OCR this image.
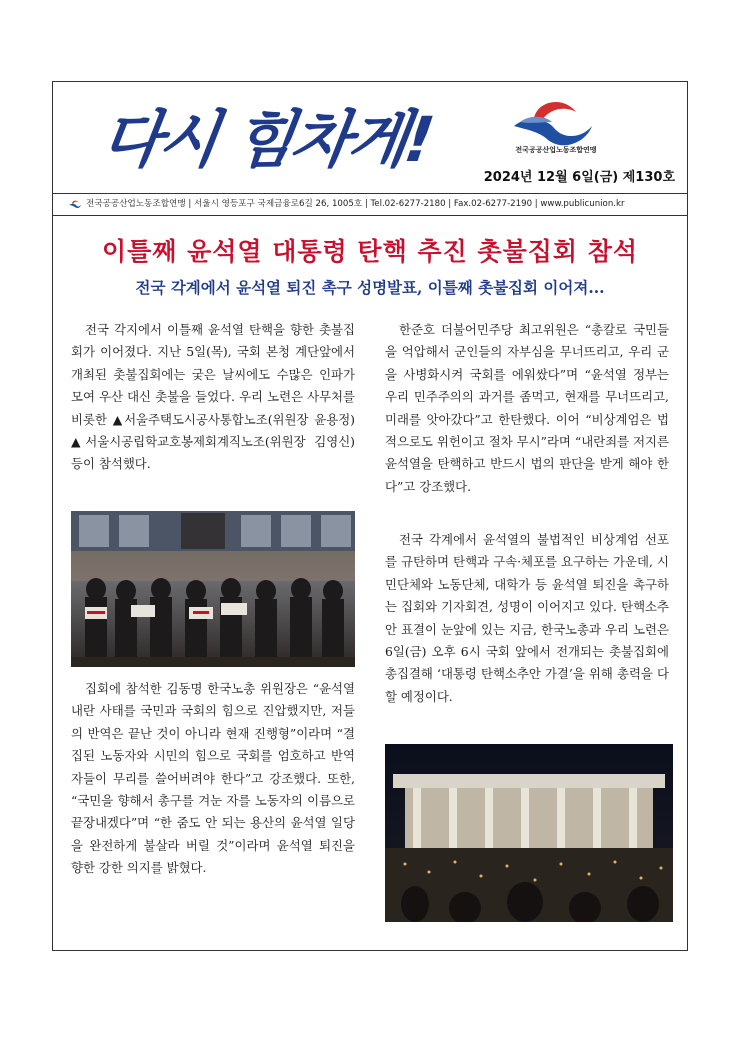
다시 힘차게!	전국공공산업노동조합연맹
2024년 12월 6일(금) 제130호
전국공공산업노동조합연맹 | 서울시 영등포구 국제금융로6길 26, 1005호 | Tel.02-6277-2180 | Fax.02-6277-2190 | www.publicunion.kr
이틀째 윤석열 대통령 탄핵 추진 촛불집회 참석
전국 각계에서 윤석열 퇴진 촉구 성명발표, 이틀째 촛불집회 이어져...

전국 각지에서 이틀째 윤석열 탄핵을 향한 촛불집회가 이어졌다. 지난 5일(목), 국회 본청 계단앞에서 개최된 촛불집회에는 궂은 날씨에도 수많은 인파가 모여 우산 대신 촛불을 들었다. 우리 노련은 사무처를 비롯한 ▲서울주택도시공사통합노조(위원장 윤용정) ▲서울시공립학교호봉제회계직노조(위원장 김영신) 등이 참석했다.

집회에 참석한 김동명 한국노총 위원장은 “윤석열 내란 사태를 국민과 국회의 힘으로 진압했지만, 저들의 반역은 끝난 것이 아니라 현재 진행형”이라며 “결집된 노동자와 시민의 힘으로 국회를 엄호하고 반역자들이 무리를 쓸어버려야 한다”고 강조했다. 또한, “국민을 향해서 총구를 겨눈 자를 노동자의 이름으로 끝장내겠다”며 “한 줌도 안 되는 용산의 윤석열 일당을 완전하게 불살라 버릴 것”이라며 윤석열 퇴진을 향한 강한 의지를 밝혔다.

한준호 더불어민주당 최고위원은 “총칼로 국민들을 억압해서 군인들의 자부심을 무너뜨리고, 우리 군을 사병화시켜 국회를 에워쌌다”며 “윤석열 정부는 우리 민주주의의 과거를 좀먹고, 현재를 무너뜨리고, 미래를 앗아갔다”고 한탄했다. 이어 “비상계엄은 법적으로도 위헌이고 절차 무시”라며 “내란죄를 저지른 윤석열을 탄핵하고 반드시 법의 판단을 받게 해야 한다”고 강조했다.

전국 각계에서 윤석열의 불법적인 비상계엄 선포를 규탄하며 탄핵과 구속·체포를 요구하는 가운데, 시민단체와 노동단체, 대학가 등 윤석열 퇴진을 촉구하는 집회와 기자회견, 성명이 이어지고 있다. 탄핵소추안 표결이 눈앞에 있는 지금, 한국노총과 우리 노련은 6일(금) 오후 6시 국회 앞에서 전개되는 촛불집회에 총집결해 ‘대통령 탄핵소추안 가결’을 위해 총력을 다할 예정이다.
